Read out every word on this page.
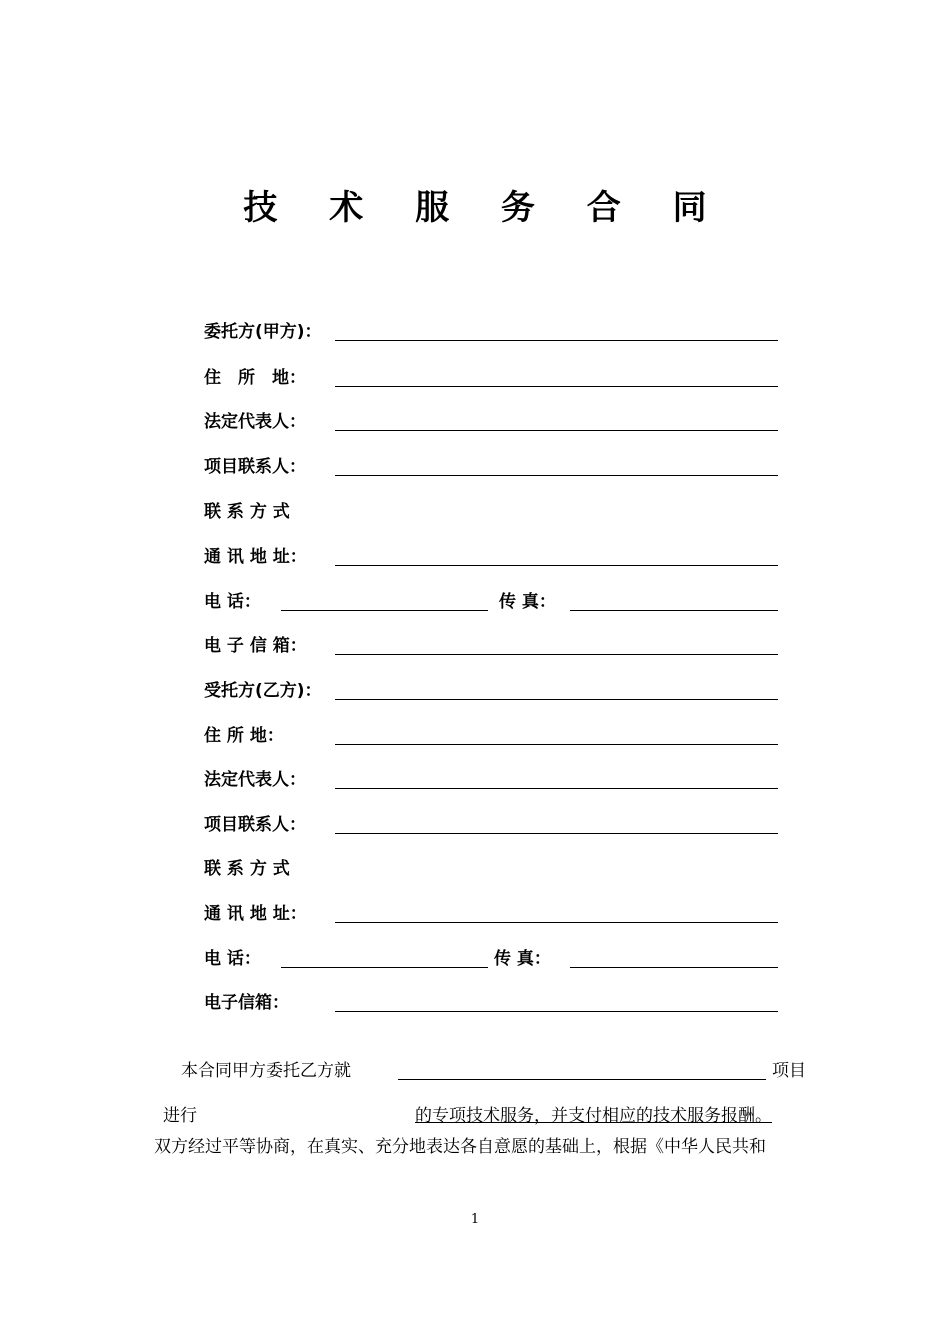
技 术 服 务 合 同
委托方(甲方)：
住　所　地：
法定代表人：
项目联系人：
联 系 方 式
通 讯 地 址：
电 话：	传 真：
电 子 信 箱：
受托方(乙方)：
住 所 地：
法定代表人：
项目联系人：
联 系 方 式
通 讯 地 址：
电 话：	传 真：
电子信箱：
本合同甲方委托乙方就	项目
进行	的专项技术服务，并支付相应的技术服务报酬。
双方经过平等协商，在真实、充分地表达各自意愿的基础上，根据《中华人民共和
1
